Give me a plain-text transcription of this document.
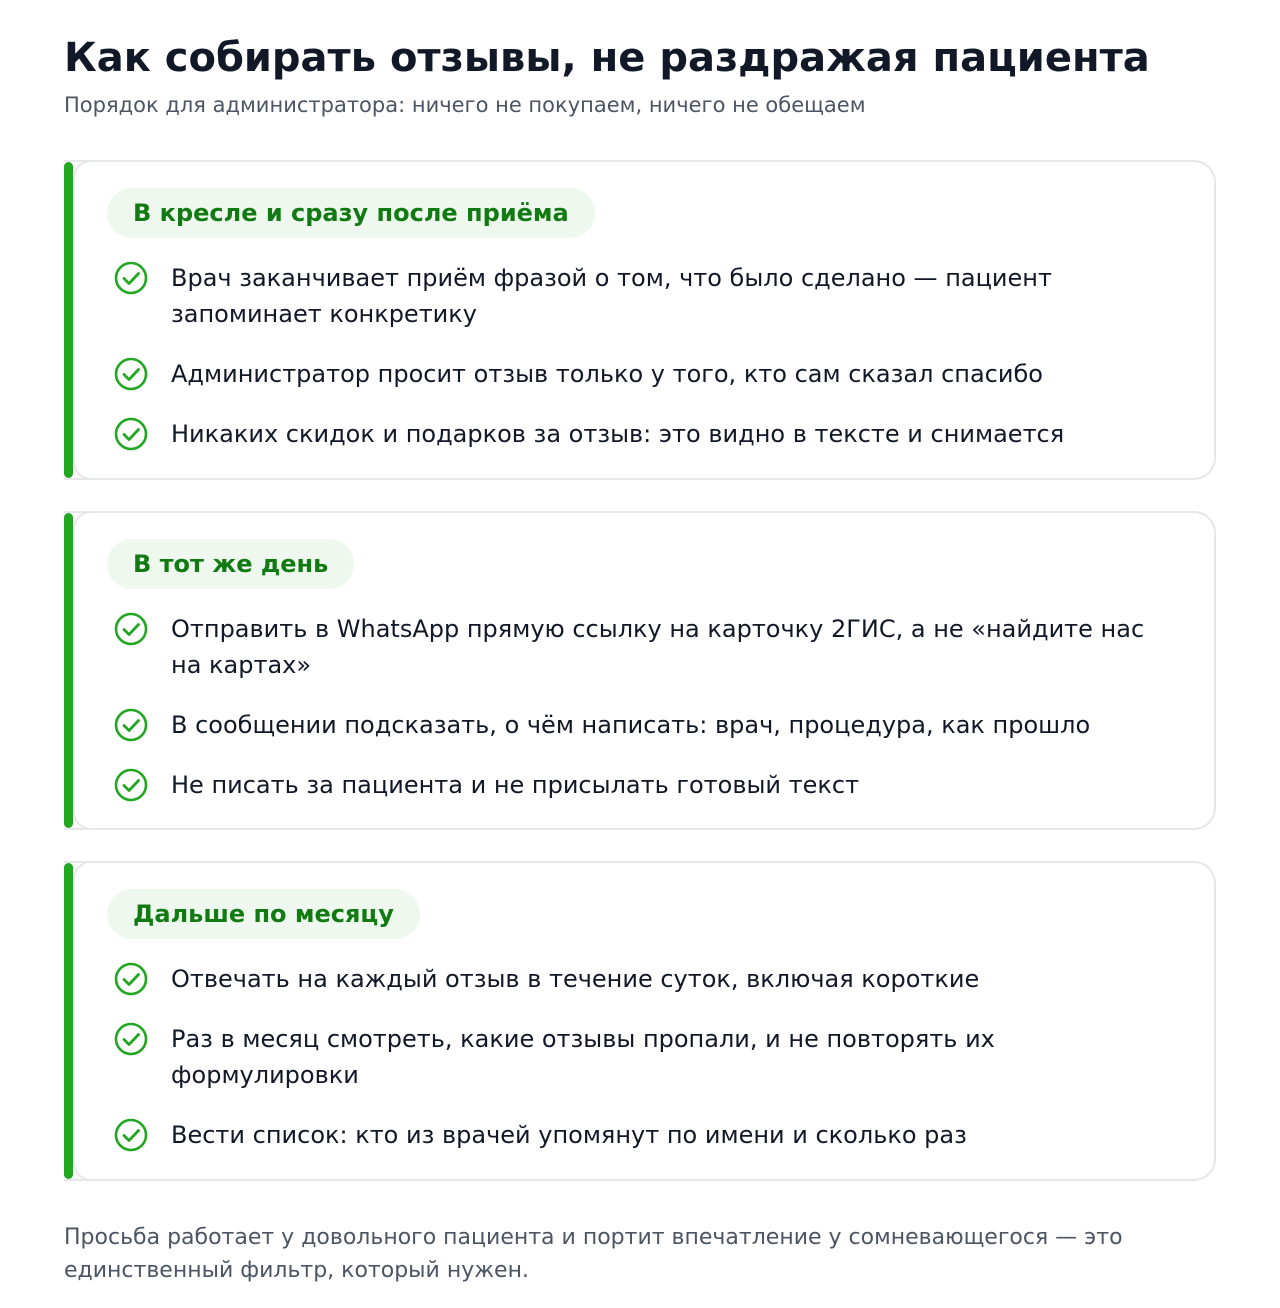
Как собирать отзывы, не раздражая пациента
Порядок для администратора: ничего не покупаем, ничего не обещаем
В кресле и сразу после приёма
Врач заканчивает приём фразой о том, что было сделано — пациент запоминает конкретику
Администратор просит отзыв только у того, кто сам сказал спасибо
Никаких скидок и подарков за отзыв: это видно в тексте и снимается
В тот же день
Отправить в WhatsApp прямую ссылку на карточку 2ГИС, а не «найдите нас на картах»
В сообщении подсказать, о чём написать: врач, процедура, как прошло
Не писать за пациента и не присылать готовый текст
Дальше по месяцу
Отвечать на каждый отзыв в течение суток, включая короткие
Раз в месяц смотреть, какие отзывы пропали, и не повторять их формулировки
Вести список: кто из врачей упомянут по имени и сколько раз
Просьба работает у довольного пациента и портит впечатление у сомневающегося — это единственный фильтр, который нужен.
